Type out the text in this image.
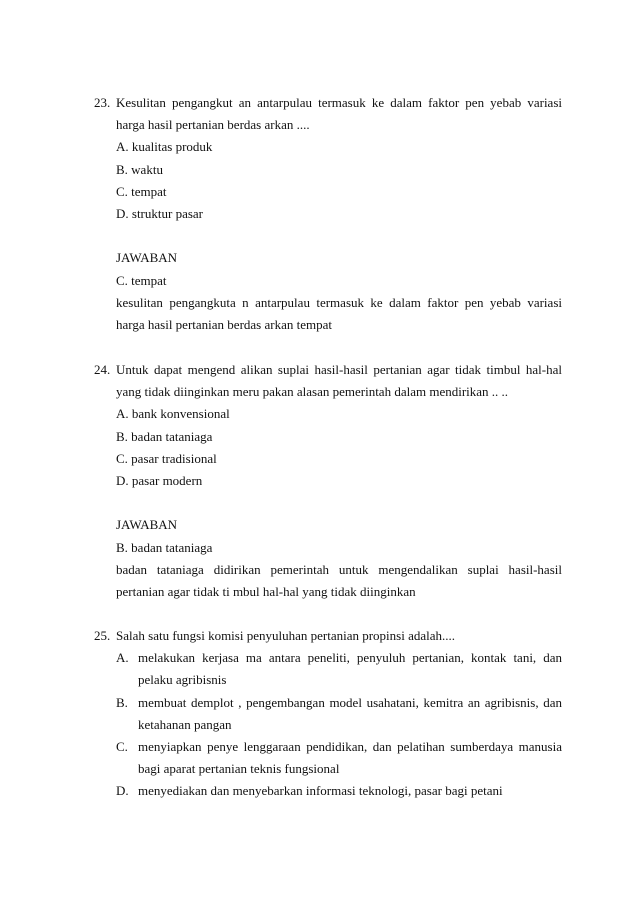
23. Kesulitan pengangkut an antarpulau termasuk ke dalam faktor pen yebab variasi harga hasil pertanian berdas arkan ....
A. kualitas produk
B. waktu
C. tempat
D. struktur pasar
JAWABAN
C. tempat
kesulitan pengangkuta n antarpulau termasuk ke dalam faktor pen yebab variasi harga hasil pertanian berdas arkan tempat
24. Untuk dapat mengend alikan suplai hasil-hasil pertanian agar tidak timbul hal-hal yang tidak diinginkan meru pakan alasan pemerintah dalam mendirikan .. ..
A. bank konvensional
B. badan tataniaga
C. pasar tradisional
D. pasar modern
JAWABAN
B. badan tataniaga
badan tataniaga didirikan pemerintah untuk mengendalikan suplai hasil-hasil pertanian agar tidak ti mbul hal-hal yang tidak diinginkan
25. Salah satu fungsi komisi penyuluhan pertanian propinsi adalah....
A. melakukan kerjasa ma antara peneliti, penyuluh pertanian, kontak tani, dan pelaku agribisnis
B. membuat demplot , pengembangan model usahatani, kemitra an agribisnis, dan ketahanan pangan
C. menyiapkan penye lenggaraan pendidikan, dan pelatihan sumberdaya manusia bagi aparat pertanian teknis fungsional
D. menyediakan dan menyebarkan informasi teknologi, pasar bagi petani
